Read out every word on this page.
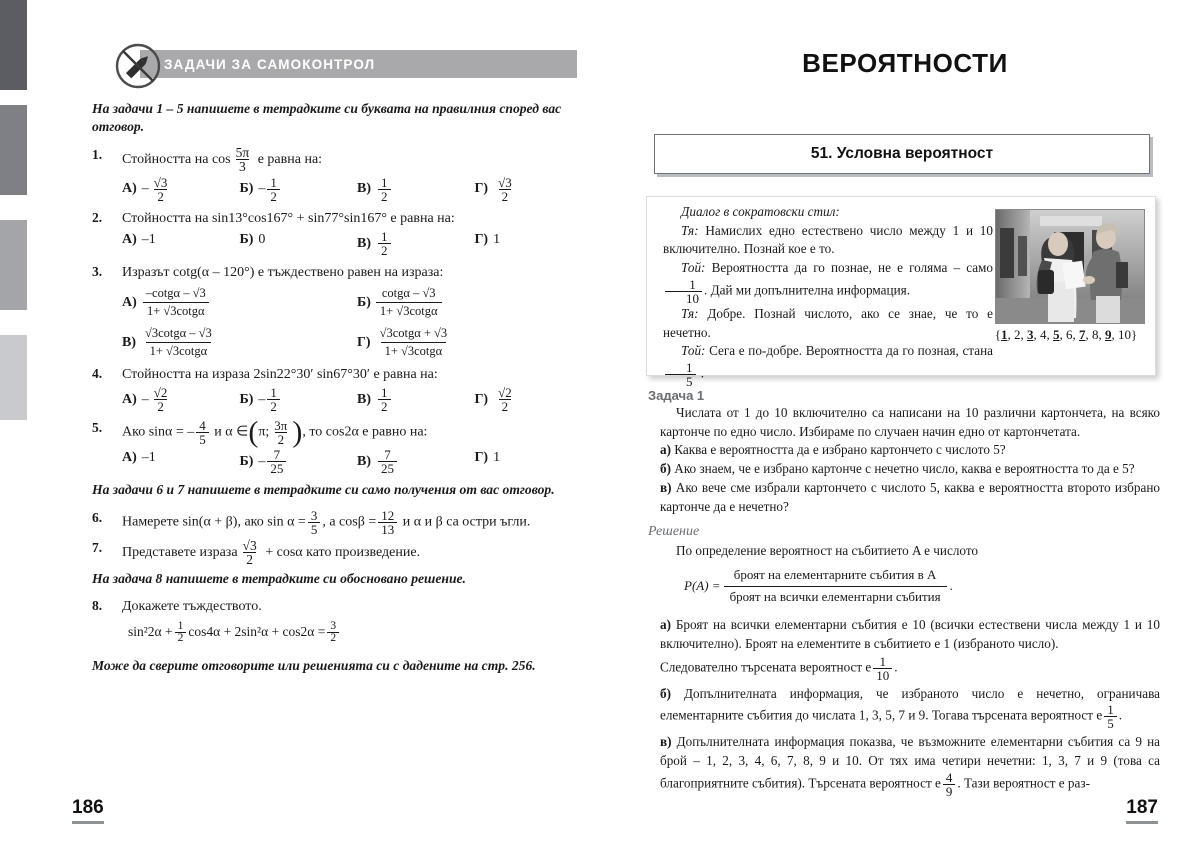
ЗАДАЧИ ЗА САМОКОНТРОЛ

На задачи 1 – 5 напишете в тетрадките си буквата на правилния според вас отговор.

1. Стойността на $\cos \frac{5\pi}{3}$ е равна на:
$А) - \frac{√3}{2}$	$Б) - \frac{1}{2}$	$В) \frac{1}{2}$	$Г) \frac{√3}{2}$
2. Стойността на sin13°cos167° + sin77°sin167° е равна на:
А) –1	Б) 0	$В) \frac{1}{2}$	Г) 1
3. Изразът cotg(α – 120°) е тъждествено равен на израза:
$А) \frac{-\cot g\alpha - √3}{1+ √3\cot g\alpha}$	$Б) \frac{\cot g\alpha - √3}{1+ √3\cot g\alpha}$
$В) \frac{√3\cot g\alpha - √3}{1+ √3\cot g\alpha}$	$Г) \frac{√3\cot g\alpha + √3}{1+ √3\cot g\alpha}$
4. Стойността на израза 2sin22°30′ sin67°30′ е равна на:
$А) - \frac{√2}{2}$	$Б) - \frac{1}{2}$	$В) \frac{1}{2}$	$Г) \frac{√2}{2}$
5. Ако sinα = – $\frac{4}{5}$ и α ∈(π; $\frac{3\pi}{2}$ ), то cos2α е равно на:
А) –1	$Б) - \frac{7}{25}$	$В) \frac{7}{25}$	Г) 1

На задачи 6 и 7 напишете в тетрадките си само получения от вас отговор.

6. Намерете sin(α + β), ако $\sin \alpha = \frac{3}{5}$ , а $\cos\beta = \frac{12}{13}$ и α и β са остри ъгли.
7. Представете израза $\frac{√3}{2} + \cos\alpha$ като произведение.

На задача 8 напишете в тетрадките си обосновано решение.

8. Докажете тъждеството.
$\sin^22\alpha + \frac{1}{2} \cos 4\alpha + 2\sin^2\alpha + \cos 2\alpha = \frac{3}{2}$

Може да сверите отговорите или решенията си с дадените на стр. 256.

186
ВЕРОЯТНОСТИ
51. Условна вероятност

Диалог в сократовски стил:

Тя: Намислих едно естествено число между 1 и 10 включително. Познай кое е то.

Той: Вероятността да го познае, не е голяма – само
$\frac{1}{10}$ . Дай ми допълнителна информация.

Тя: Добре. Познай числото, ако се знае, че то е нечетно.

Той: Сега е по-добре. Вероятността да го позная, стана
$\frac{1}{5}$ .

{1, 2, 3, 4, 5, 6, 7, 8, 9, 10}
Задача 1

Числата от 1 до 10 включително са написани на 10 различни картончета, на всяко картонче по едно число. Избираме по случаен начин едно от картончетата.

а) Каква е вероятността да е избрано картончето с числото 5?

б) Ако знаем, че е избрано картонче с нечетно число, каква е вероятността то да е 5?

в) Ако вече сме избрали картончето с числото 5, каква е вероятността второто избрано картонче да е нечетно?

Решение

По определение вероятност на събитието A е числото

$P(A) = \frac{\text{броят на елементарните събития в A}}{\text{броят на всички елементарни събития}}$ .

а) Броят на всички елементарни събития е 10 (всички естествени числа между 1 и 10 включително). Броят на елементите в събитието е 1 (избраното число).

Следователно търсената вероятност е $\frac{1}{10}$ .

б) Допълнителната информация, че избраното число е нечетно, ограничава елементарните събития до числата 1, 3, 5, 7 и 9. Тогава търсената вероятност е $\frac{1}{5}$ .

в) Допълнителната информация показва, че възможните елементарни събития са 9 на брой – 1, 2, 3, 4, 6, 7, 8, 9 и 10. От тях има четири нечетни: 1, 3, 7 и 9 (това са благоприятните събития). Търсената вероятност е $\frac{4}{9}$ . Тази вероятност е раз-

187
